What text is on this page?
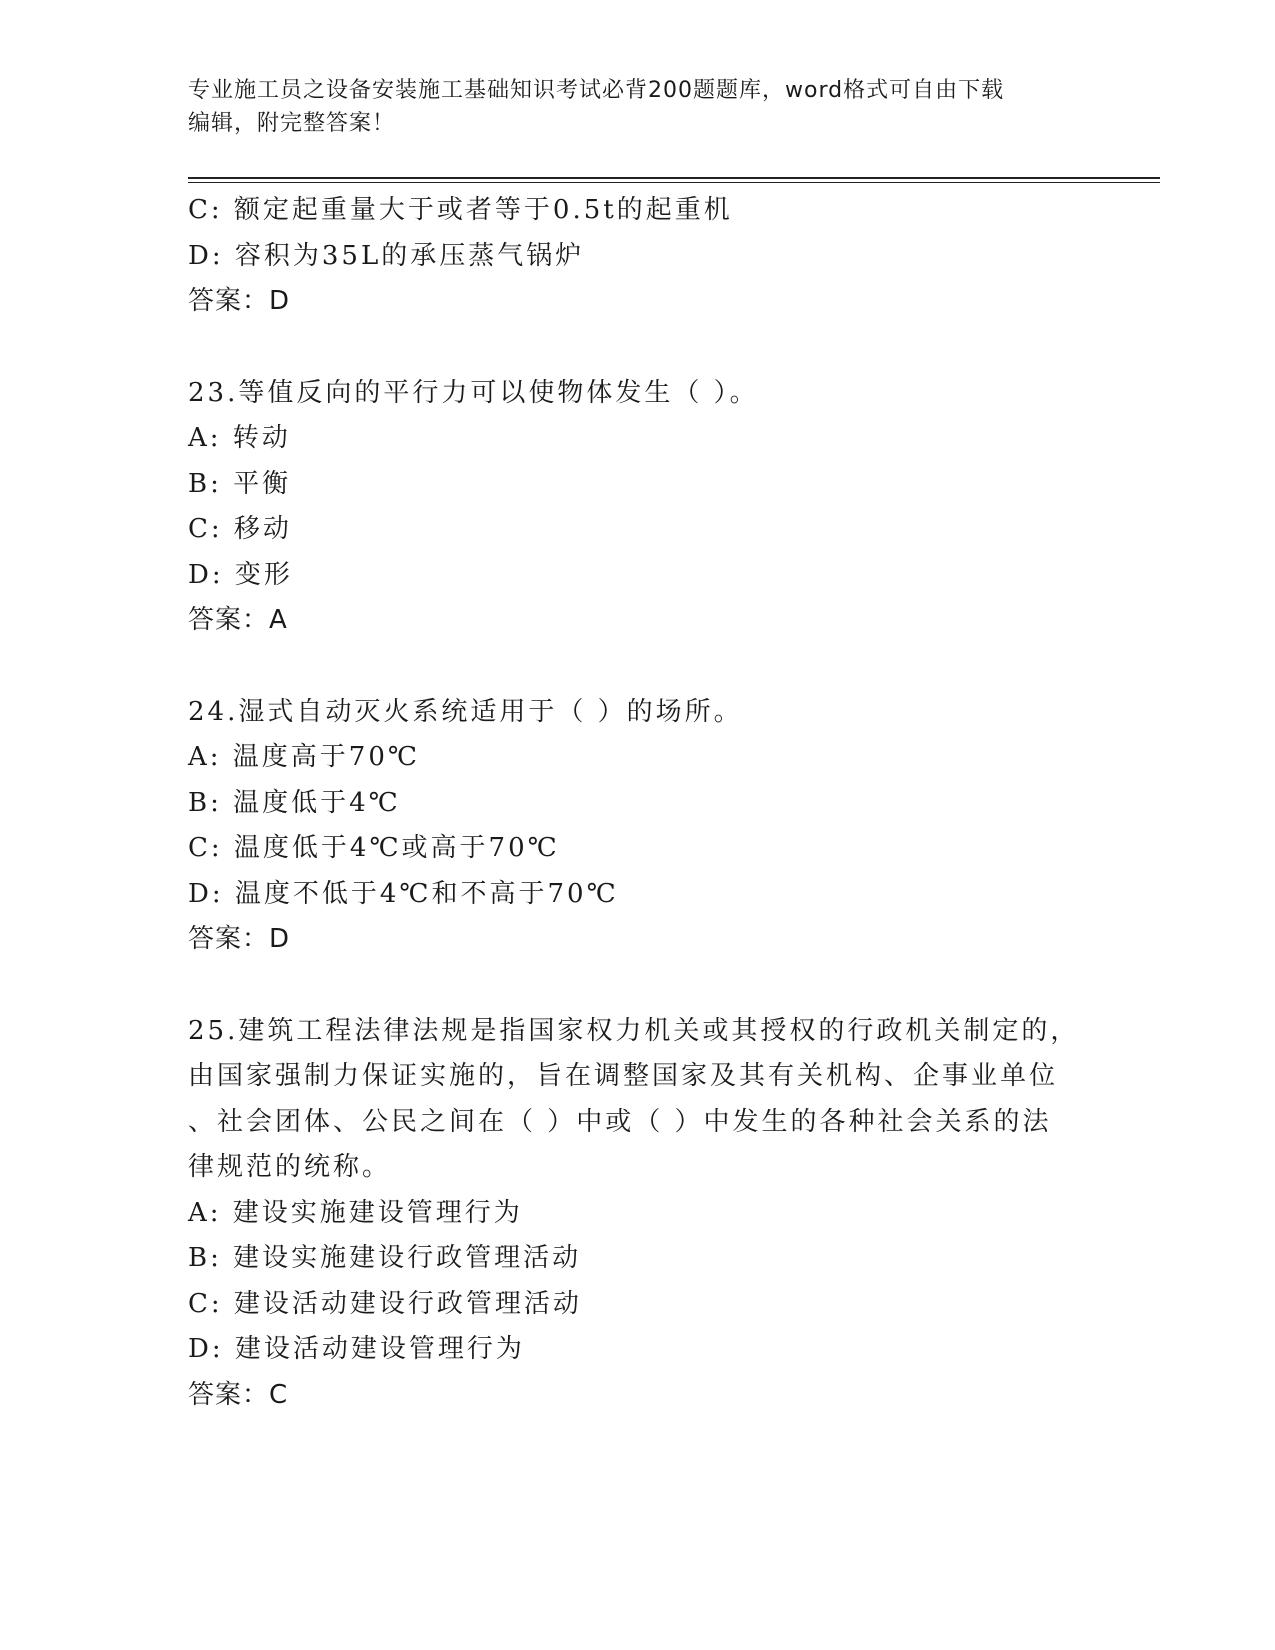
专业施工员之设备安装施工基础知识考试必背200题题库，word格式可自由下载
编辑，附完整答案！
C: 额定起重量大于或者等于0.5t的起重机
D: 容积为35L的承压蒸气锅炉
答案：D
23.等值反向的平行力可以使物体发生（ ）。
A: 转动
B: 平衡
C: 移动
D: 变形
答案：A
24.湿式自动灭火系统适用于（ ）的场所。
A: 温度高于70℃
B: 温度低于4℃
C: 温度低于4℃或高于70℃
D: 温度不低于4℃和不高于70℃
答案：D
25.建筑工程法律法规是指国家权力机关或其授权的行政机关制定的，
由国家强制力保证实施的，旨在调整国家及其有关机构、企事业单位
、社会团体、公民之间在（ ）中或（ ）中发生的各种社会关系的法
律规范的统称。
A: 建设实施建设管理行为
B: 建设实施建设行政管理活动
C: 建设活动建设行政管理活动
D: 建设活动建设管理行为
答案：C
